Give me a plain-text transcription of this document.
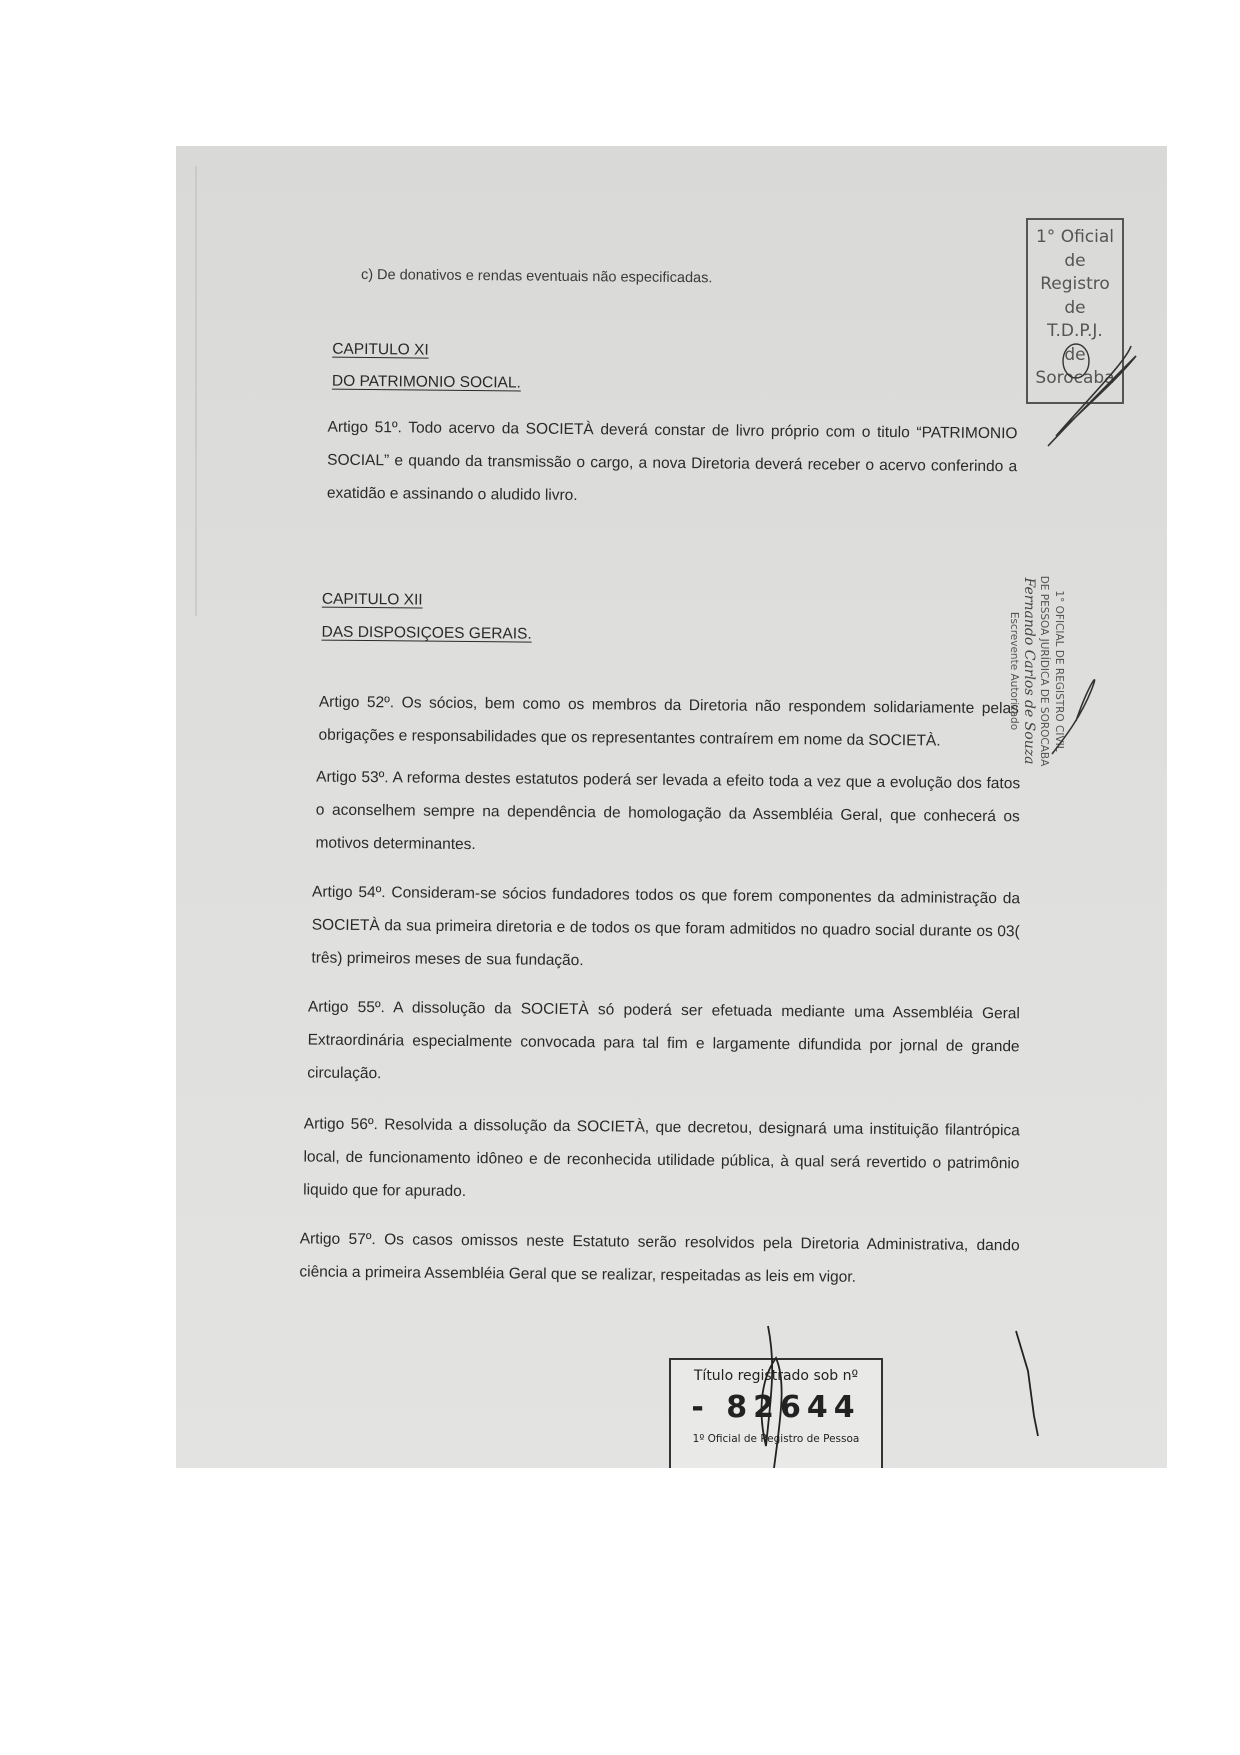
c) De donativos e rendas eventuais não especificadas.

CAPITULO XI

DO PATRIMONIO SOCIAL.

Artigo 51º. Todo acervo da SOCIETÀ deverá constar de livro próprio com o titulo “PATRIMONIO SOCIAL” e quando da transmissão o cargo, a nova Diretoria deverá receber o acervo conferindo a exatidão e assinando o aludido livro.

CAPITULO XII

DAS DISPOSIÇOES GERAIS.

Artigo 52º. Os sócios, bem como os membros da Diretoria não respondem solidariamente pelas obrigações e responsabilidades que os representantes contraírem em nome da SOCIETÀ.

Artigo 53º. A reforma destes estatutos poderá ser levada a efeito toda a vez que a evolução dos fatos o aconselhem sempre na dependência de homologação da Assembléia Geral, que conhecerá os motivos determinantes.

Artigo 54º. Consideram-se sócios fundadores todos os que forem componentes da administração da SOCIETÀ da sua primeira diretoria e de todos os que foram admitidos no quadro social durante os 03( três) primeiros meses de sua fundação.

Artigo 55º. A dissolução da SOCIETÀ só poderá ser efetuada mediante uma Assembléia Geral Extraordinária especialmente convocada para tal fim e largamente difundida por jornal de grande circulação.

Artigo 56º. Resolvida a dissolução da SOCIETÀ, que decretou, designará uma instituição filantrópica local, de funcionamento idôneo e de reconhecida utilidade pública, à qual será revertido o patrimônio liquido que for apurado.

Artigo 57º. Os casos omissos neste Estatuto serão resolvidos pela Diretoria Administrativa, dando ciência a primeira Assembléia Geral que se realizar, respeitadas as leis em vigor.

1° Oficial
de
Registro
de
T.D.P.J.
de
Sorocaba
1° OFICIAL DE REGISTRO CIVIL
DE PESSOA JURÍDICA DE SOROCABA
Fernando Carlos de Souza
Escrevente Autorizado
Título registrado sob nº
- 82644
1º Oficial de Registro de Pessoa
